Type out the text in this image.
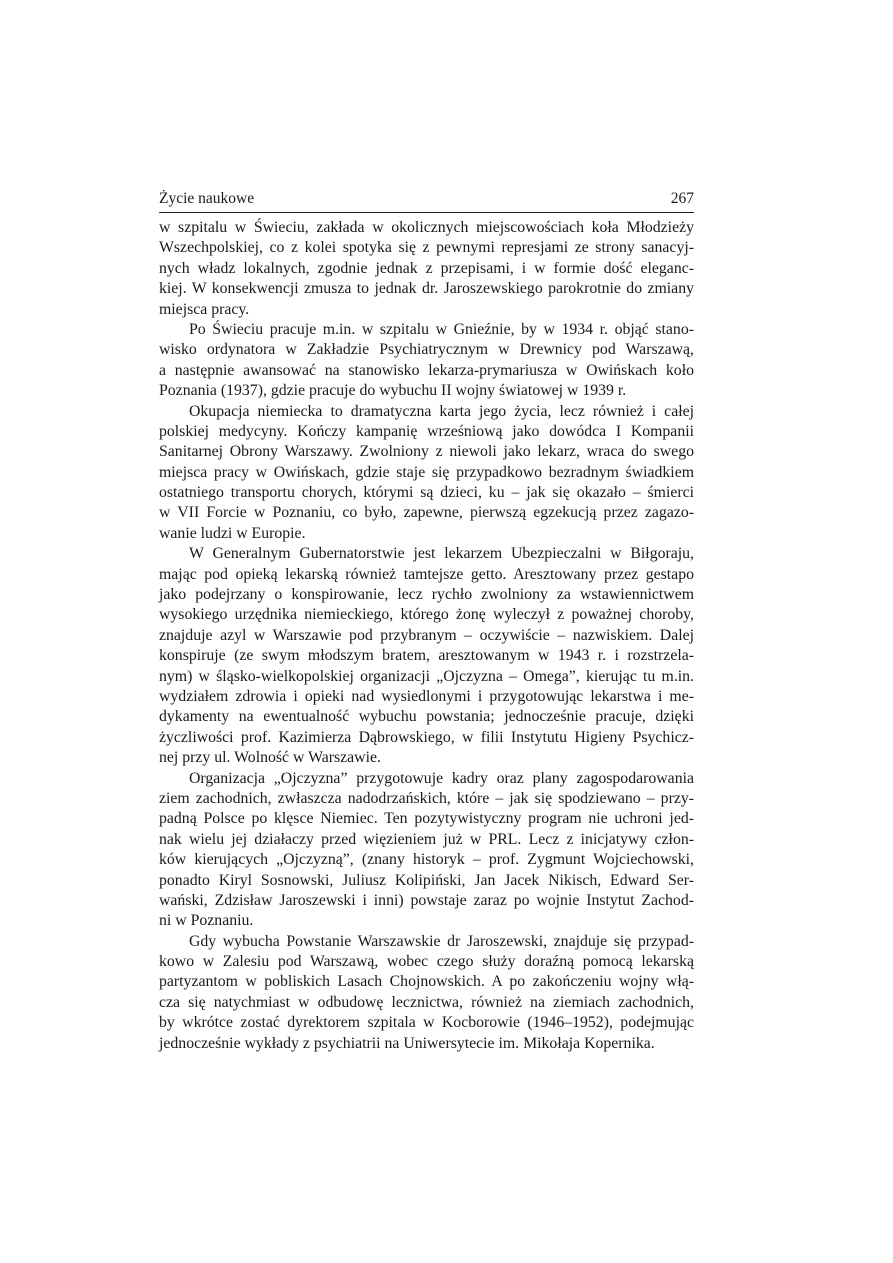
Życie naukowe	267
w szpitalu w Świeciu, zakłada w okolicznych miejscowościach koła Młodzieży
Wszechpolskiej, co z kolei spotyka się z pewnymi represjami ze strony sanacyj-
nych władz lokalnych, zgodnie jednak z przepisami, i w formie dość eleganc-
kiej. W konsekwencji zmusza to jednak dr. Jaroszewskiego parokrotnie do zmiany
miejsca pracy.
Po Świeciu pracuje m.in. w szpitalu w Gnieźnie, by w 1934 r. objąć stano-
wisko ordynatora w Zakładzie Psychiatrycznym w Drewnicy pod Warszawą,
a następnie awansować na stanowisko lekarza-prymariusza w Owińskach koło
Poznania (1937), gdzie pracuje do wybuchu II wojny światowej w 1939 r.
Okupacja niemiecka to dramatyczna karta jego życia, lecz również i całej
polskiej medycyny. Kończy kampanię wrześniową jako dowódca I Kompanii
Sanitarnej Obrony Warszawy. Zwolniony z niewoli jako lekarz, wraca do swego
miejsca pracy w Owińskach, gdzie staje się przypadkowo bezradnym świadkiem
ostatniego transportu chorych, którymi są dzieci, ku – jak się okazało – śmierci
w VII Forcie w Poznaniu, co było, zapewne, pierwszą egzekucją przez zagazo-
wanie ludzi w Europie.
W Generalnym Gubernatorstwie jest lekarzem Ubezpieczalni w Biłgoraju,
mając pod opieką lekarską również tamtejsze getto. Aresztowany przez gestapo
jako podejrzany o konspirowanie, lecz rychło zwolniony za wstawiennictwem
wysokiego urzędnika niemieckiego, którego żonę wyleczył z poważnej choroby,
znajduje azyl w Warszawie pod przybranym – oczywiście – nazwiskiem. Dalej
konspiruje (ze swym młodszym bratem, aresztowanym w 1943 r. i rozstrzela-
nym) w śląsko-wielkopolskiej organizacji „Ojczyzna – Omega”, kierując tu m.in.
wydziałem zdrowia i opieki nad wysiedlonymi i przygotowując lekarstwa i me-
dykamenty na ewentualność wybuchu powstania; jednocześnie pracuje, dzięki
życzliwości prof. Kazimierza Dąbrowskiego, w filii Instytutu Higieny Psychicz-
nej przy ul. Wolność w Warszawie.
Organizacja „Ojczyzna” przygotowuje kadry oraz plany zagospodarowania
ziem zachodnich, zwłaszcza nadodrzańskich, które – jak się spodziewano – przy-
padną Polsce po klęsce Niemiec. Ten pozytywistyczny program nie uchroni jed-
nak wielu jej działaczy przed więzieniem już w PRL. Lecz z inicjatywy człon-
ków kierujących „Ojczyzną”, (znany historyk – prof. Zygmunt Wojciechowski,
ponadto Kiryl Sosnowski, Juliusz Kolipiński, Jan Jacek Nikisch, Edward Ser-
wański, Zdzisław Jaroszewski i inni) powstaje zaraz po wojnie Instytut Zachod-
ni w Poznaniu.
Gdy wybucha Powstanie Warszawskie dr Jaroszewski, znajduje się przypad-
kowo w Zalesiu pod Warszawą, wobec czego służy doraźną pomocą lekarską
partyzantom w pobliskich Lasach Chojnowskich. A po zakończeniu wojny włą-
cza się natychmiast w odbudowę lecznictwa, również na ziemiach zachodnich,
by wkrótce zostać dyrektorem szpitala w Kocborowie (1946–1952), podejmując
jednocześnie wykłady z psychiatrii na Uniwersytecie im. Mikołaja Kopernika.
